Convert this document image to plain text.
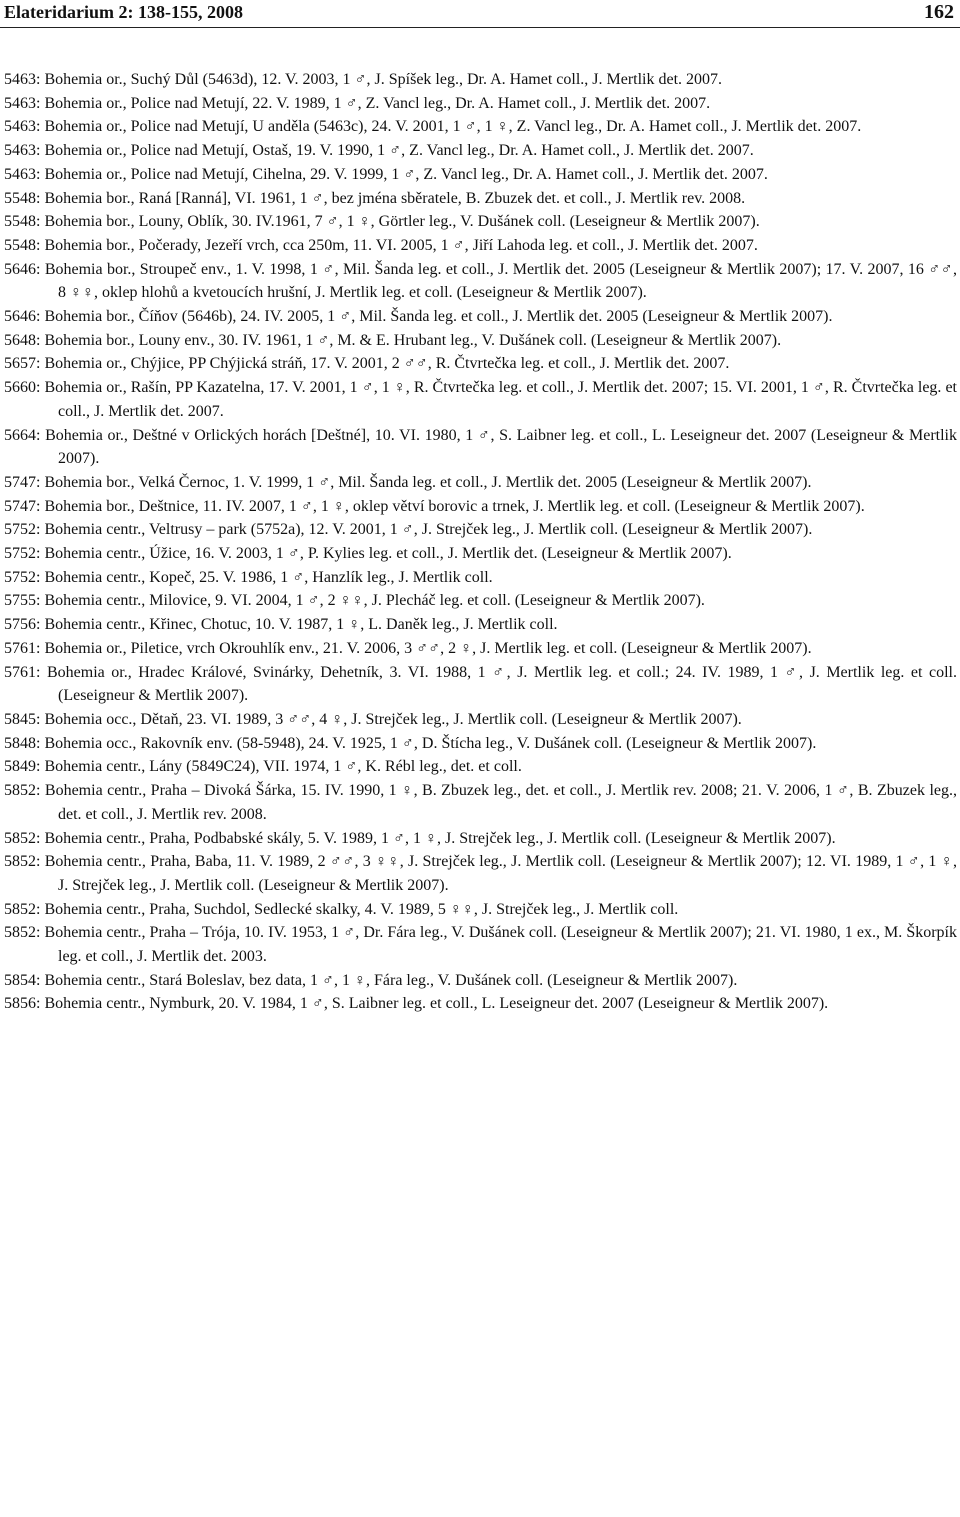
Elateridarium 2: 138-155, 2008	162

5463: Bohemia or., Suchý Důl (5463d), 12. V. 2003, 1 ♂, J. Spíšek leg., Dr. A. Hamet coll., J. Mertlik det. 2007.

5463: Bohemia or., Police nad Metují, 22. V. 1989, 1 ♂, Z. Vancl leg., Dr. A. Hamet coll., J. Mertlik det. 2007.

5463: Bohemia or., Police nad Metují, U anděla (5463c), 24. V. 2001, 1 ♂, 1 ♀, Z. Vancl leg., Dr. A. Hamet coll., J. Mertlik det. 2007.

5463: Bohemia or., Police nad Metují, Ostaš, 19. V. 1990, 1 ♂, Z. Vancl leg., Dr. A. Hamet coll., J. Mertlik det. 2007.

5463: Bohemia or., Police nad Metují, Cihelna, 29. V. 1999, 1 ♂, Z. Vancl leg., Dr. A. Hamet coll., J. Mertlik det. 2007.

5548: Bohemia bor., Raná [Ranná], VI. 1961, 1 ♂, bez jména sběratele, B. Zbuzek det. et coll., J. Mertlik rev. 2008.

5548: Bohemia bor., Louny, Oblík, 30. IV.1961, 7 ♂, 1 ♀, Görtler leg., V. Dušánek coll. (Leseigneur & Mertlik 2007).

5548: Bohemia bor., Počerady, Jezeří vrch, cca 250m, 11. VI. 2005, 1 ♂, Jiří Lahoda leg. et coll., J. Mertlik det. 2007.

5646: Bohemia bor., Stroupeč env., 1. V. 1998, 1 ♂, Mil. Šanda leg. et coll., J. Mertlik det. 2005 (Leseigneur & Mertlik 2007); 17. V. 2007, 16 ♂♂, 8 ♀♀, oklep hlohů a kvetoucích hrušní, J. Mertlik leg. et coll. (Leseigneur & Mertlik 2007).

5646: Bohemia bor., Číňov (5646b), 24. IV. 2005, 1 ♂, Mil. Šanda leg. et coll., J. Mertlik det. 2005 (Leseigneur & Mertlik 2007).

5648: Bohemia bor., Louny env., 30. IV. 1961, 1 ♂, M. & E. Hrubant leg., V. Dušánek coll. (Leseigneur & Mertlik 2007).

5657: Bohemia or., Chýjice, PP Chýjická stráň, 17. V. 2001, 2 ♂♂, R. Čtvrtečka leg. et coll., J. Mertlik det. 2007.

5660: Bohemia or., Rašín, PP Kazatelna, 17. V. 2001, 1 ♂, 1 ♀, R. Čtvrtečka leg. et coll., J. Mertlik det. 2007; 15. VI. 2001, 1 ♂, R. Čtvrtečka leg. et coll., J. Mertlik det. 2007.

5664: Bohemia or., Deštné v Orlických horách [Deštné], 10. VI. 1980, 1 ♂, S. Laibner leg. et coll., L. Leseigneur det. 2007 (Leseigneur & Mertlik 2007).

5747: Bohemia bor., Velká Černoc, 1. V. 1999, 1 ♂, Mil. Šanda leg. et coll., J. Mertlik det. 2005 (Leseigneur & Mertlik 2007).

5747: Bohemia bor., Deštnice, 11. IV. 2007, 1 ♂, 1 ♀, oklep větví borovic a trnek, J. Mertlik leg. et coll. (Leseigneur & Mertlik 2007).

5752: Bohemia centr., Veltrusy – park (5752a), 12. V. 2001, 1 ♂, J. Strejček leg., J. Mertlik coll. (Leseigneur & Mertlik 2007).

5752: Bohemia centr., Úžice, 16. V. 2003, 1 ♂, P. Kylies leg. et coll., J. Mertlik det. (Leseigneur & Mertlik 2007).

5752: Bohemia centr., Kopeč, 25. V. 1986, 1 ♂, Hanzlík leg., J. Mertlik coll.

5755: Bohemia centr., Milovice, 9. VI. 2004, 1 ♂, 2 ♀♀, J. Plecháč leg. et coll. (Leseigneur & Mertlik 2007).

5756: Bohemia centr., Křinec, Chotuc, 10. V. 1987, 1 ♀, L. Daněk leg., J. Mertlik coll.

5761: Bohemia or., Piletice, vrch Okrouhlík env., 21. V. 2006, 3 ♂♂, 2 ♀, J. Mertlik leg. et coll. (Leseigneur & Mertlik 2007).

5761: Bohemia or., Hradec Králové, Svinárky, Dehetník, 3. VI. 1988, 1 ♂, J. Mertlik leg. et coll.; 24. IV. 1989, 1 ♂, J. Mertlik leg. et coll. (Leseigneur & Mertlik 2007).

5845: Bohemia occ., Dětaň, 23. VI. 1989, 3 ♂♂, 4 ♀, J. Strejček leg., J. Mertlik coll. (Leseigneur & Mertlik 2007).

5848: Bohemia occ., Rakovník env. (58-5948), 24. V. 1925, 1 ♂, D. Štícha leg., V. Dušánek coll. (Leseigneur & Mertlik 2007).

5849: Bohemia centr., Lány (5849C24), VII. 1974, 1 ♂, K. Rébl leg., det. et coll.

5852: Bohemia centr., Praha – Divoká Šárka, 15. IV. 1990, 1 ♀, B. Zbuzek leg., det. et coll., J. Mertlik rev. 2008; 21. V. 2006, 1 ♂, B. Zbuzek leg., det. et coll., J. Mertlik rev. 2008.

5852: Bohemia centr., Praha, Podbabské skály, 5. V. 1989, 1 ♂, 1 ♀, J. Strejček leg., J. Mertlik coll. (Leseigneur & Mertlik 2007).

5852: Bohemia centr., Praha, Baba, 11. V. 1989, 2 ♂♂, 3 ♀♀, J. Strejček leg., J. Mertlik coll. (Leseigneur & Mertlik 2007); 12. VI. 1989, 1 ♂, 1 ♀, J. Strejček leg., J. Mertlik coll. (Leseigneur & Mertlik 2007).

5852: Bohemia centr., Praha, Suchdol, Sedlecké skalky, 4. V. 1989, 5 ♀♀, J. Strejček leg., J. Mertlik coll.

5852: Bohemia centr., Praha – Trója, 10. IV. 1953, 1 ♂, Dr. Fára leg., V. Dušánek coll. (Leseigneur & Mertlik 2007); 21. VI. 1980, 1 ex., M. Škorpík leg. et coll., J. Mertlik det. 2003.

5854: Bohemia centr., Stará Boleslav, bez data, 1 ♂, 1 ♀, Fára leg., V. Dušánek coll. (Leseigneur & Mertlik 2007).

5856: Bohemia centr., Nymburk, 20. V. 1984, 1 ♂, S. Laibner leg. et coll., L. Leseigneur det. 2007 (Leseigneur & Mertlik 2007).
